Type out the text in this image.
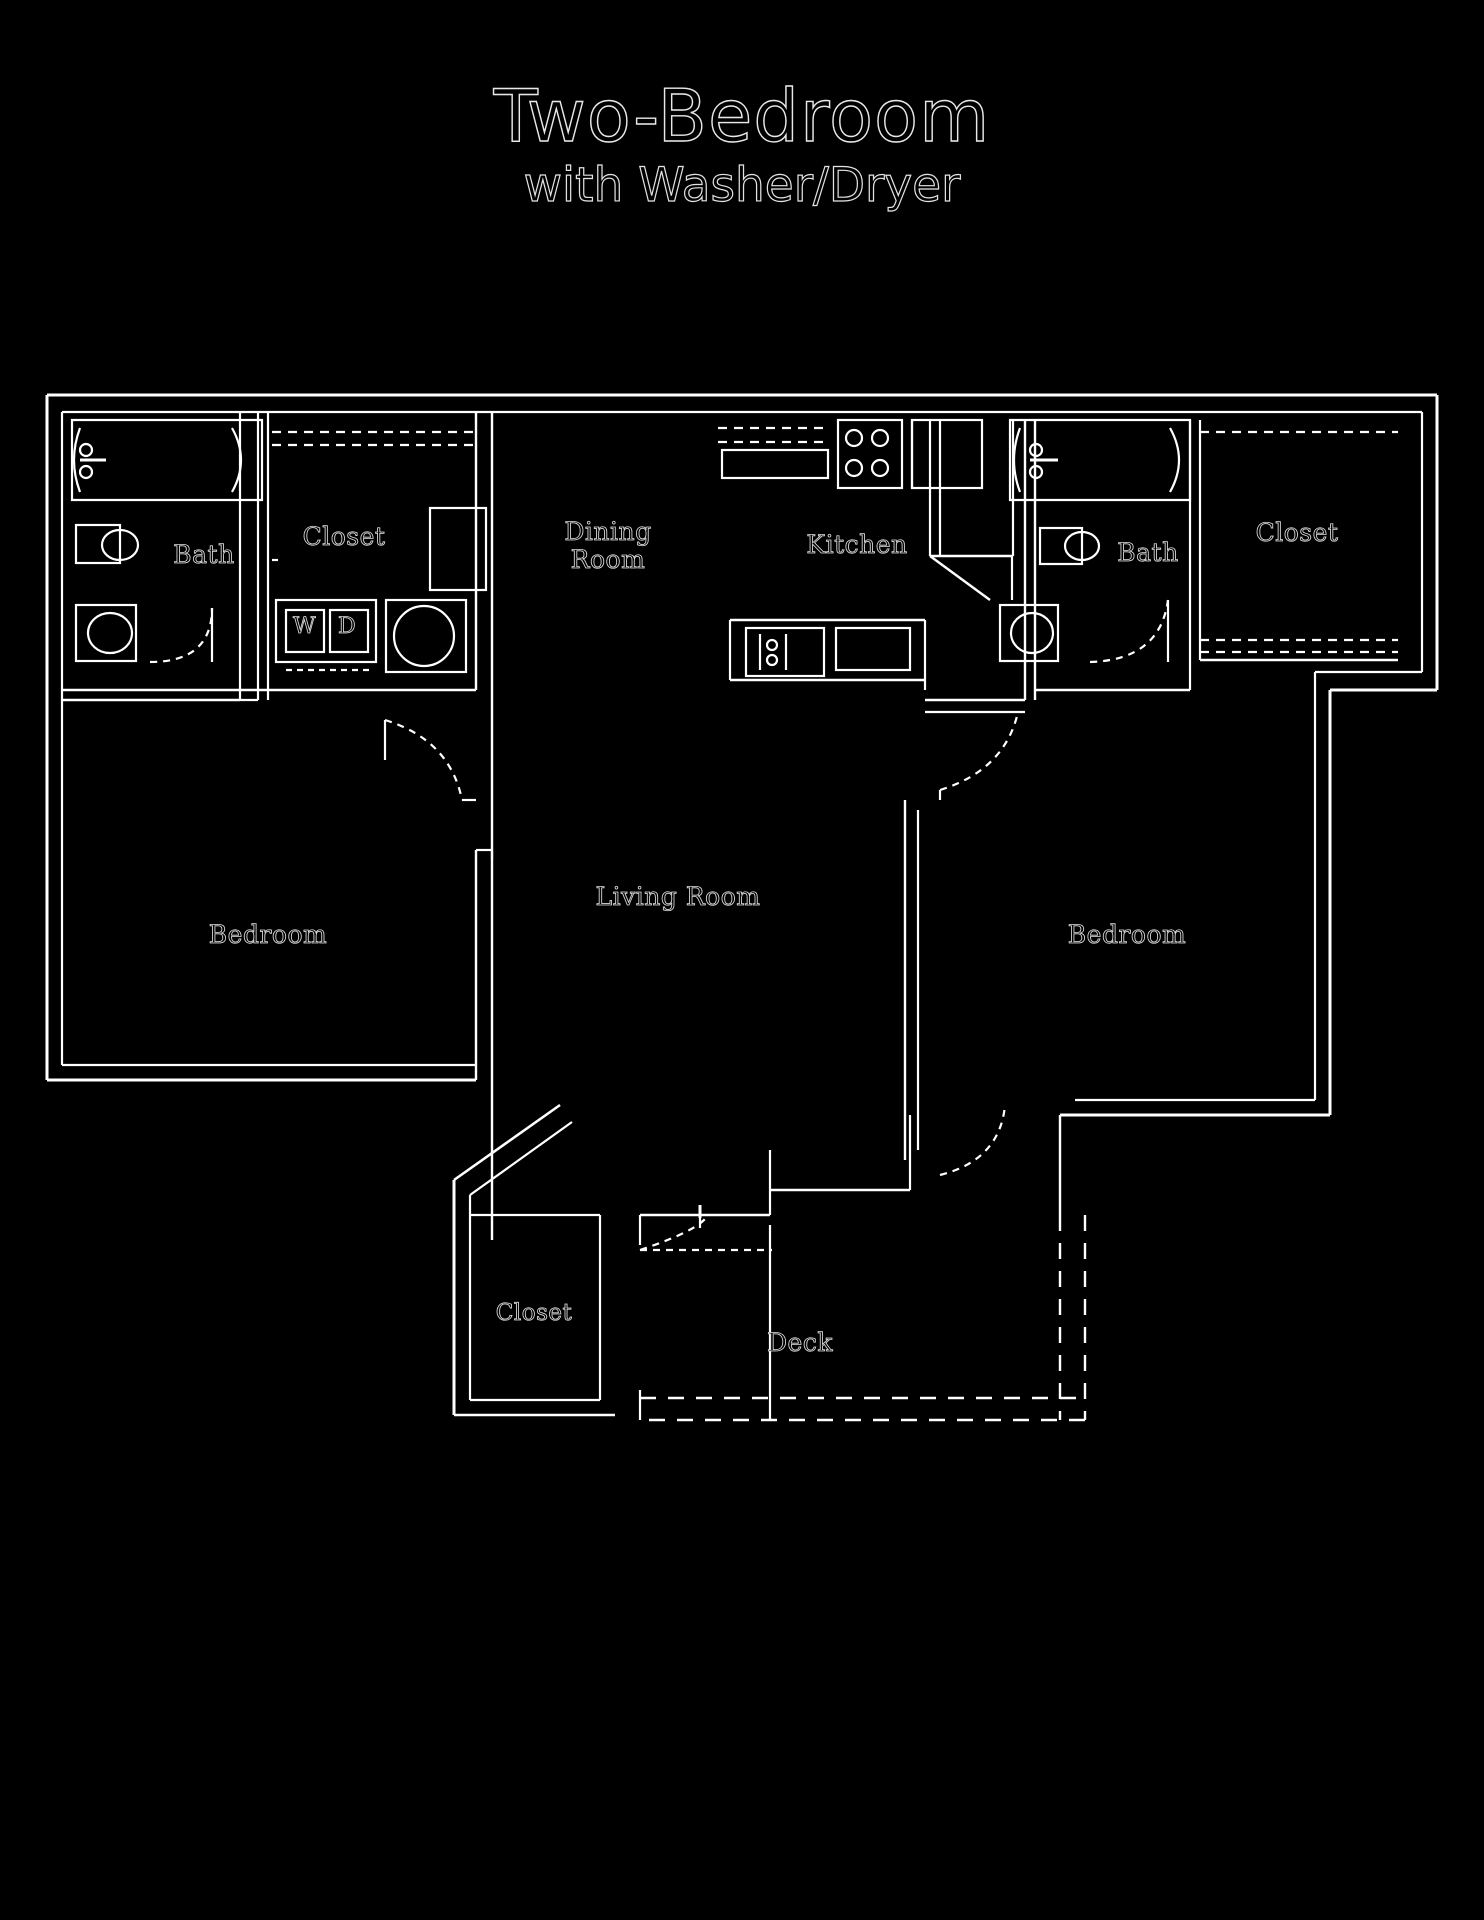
Two-Bedroom
with Washer/Dryer
Bath
Closet	Dining
Room
Kitchen	Bath
Closet
Bedroom
Living Room
Bedroom
Closet
Deck
W D
